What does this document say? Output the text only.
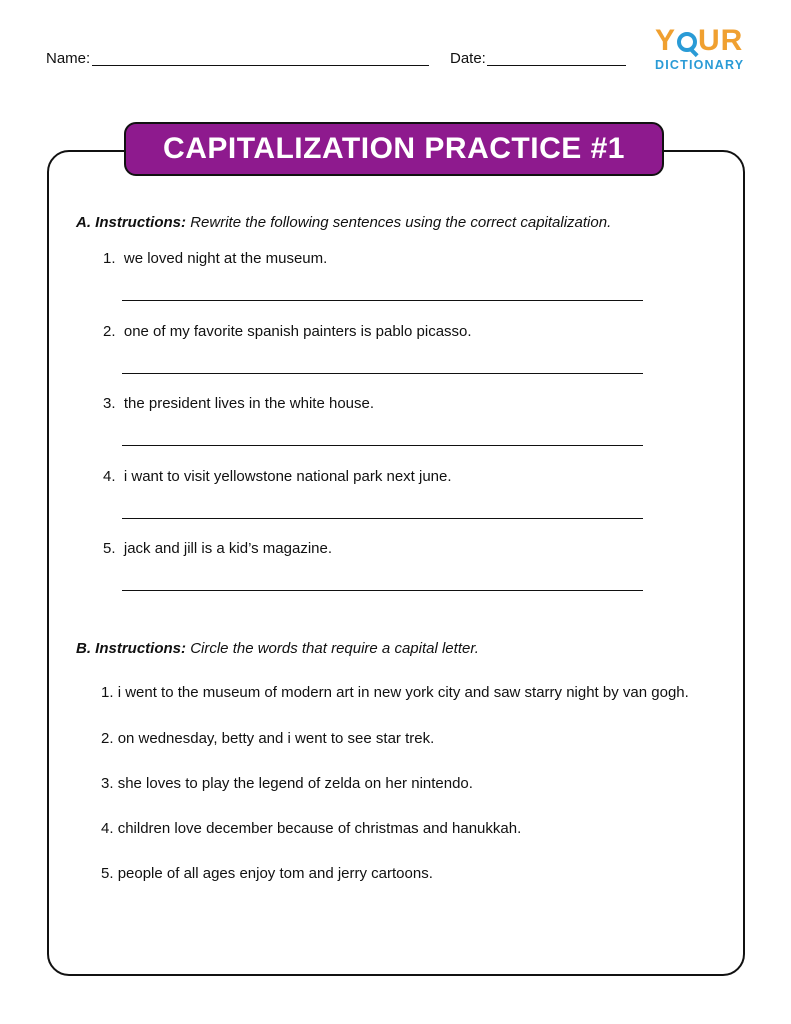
Name:	Date:
Y UR
DICTIONARY
CAPITALIZATION PRACTICE #1
A. Instructions: Rewrite the following sentences using the correct capitalization.
1. we loved night at the museum.
2. one of my favorite spanish painters is pablo picasso.
3. the president lives in the white house.
4. i want to visit yellowstone national park next june.
5. jack and jill is a kid’s magazine.
B. Instructions: Circle the words that require a capital letter.
1. i went to the museum of modern art in new york city and saw starry night by van gogh.
2. on wednesday, betty and i went to see star trek.
3. she loves to play the legend of zelda on her nintendo.
4. children love december because of christmas and hanukkah.
5. people of all ages enjoy tom and jerry cartoons.
